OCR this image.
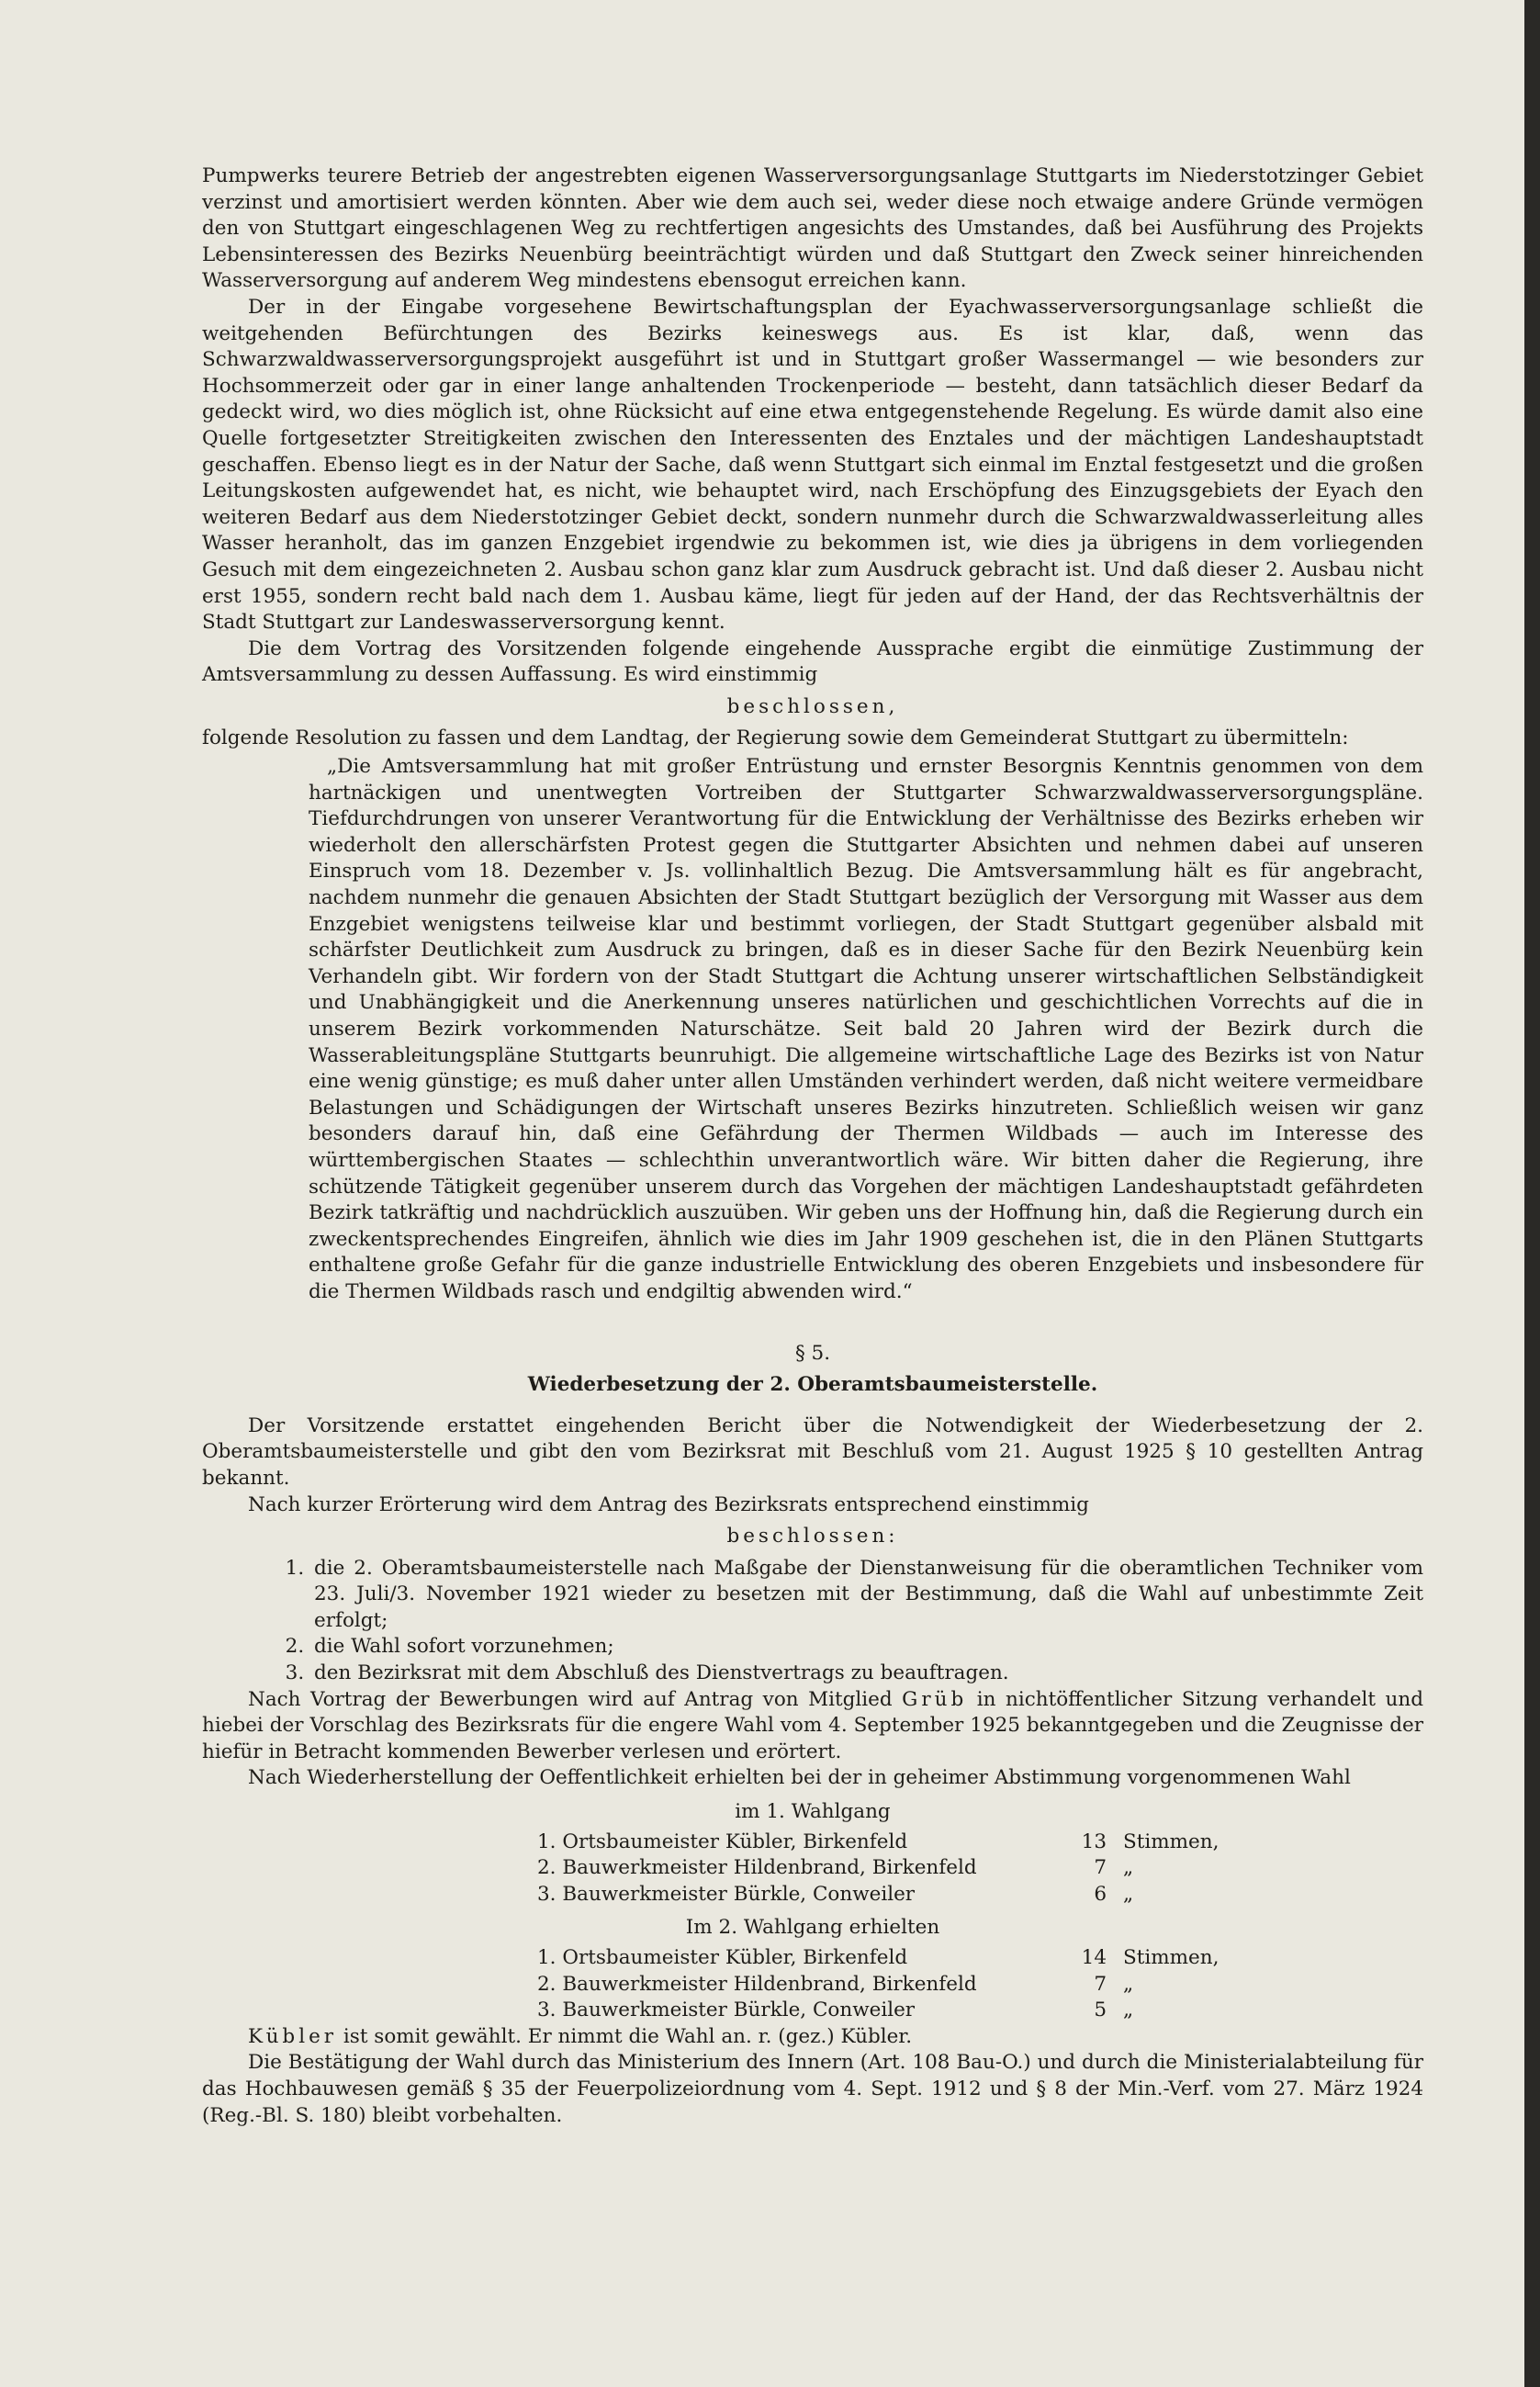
Pumpwerks teurere Betrieb der angestrebten eigenen Wasserversorgungsanlage Stuttgarts im Niederstotzinger Gebiet verzinst und amortisiert werden könnten. Aber wie dem auch sei, weder diese noch etwaige andere Gründe vermögen den von Stuttgart eingeschlagenen Weg zu rechtfertigen angesichts des Umstandes, daß bei Ausführung des Projekts Lebensinteressen des Bezirks Neuenbürg beeinträchtigt würden und daß Stuttgart den Zweck seiner hinreichenden Wasserversorgung auf anderem Weg mindestens ebensogut erreichen kann.

Der in der Eingabe vorgesehene Bewirtschaftungsplan der Eyachwasserversorgungsanlage schließt die weitgehenden Befürchtungen des Bezirks keineswegs aus. Es ist klar, daß, wenn das Schwarzwaldwasserversorgungsprojekt ausgeführt ist und in Stuttgart großer Wassermangel — wie besonders zur Hochsommerzeit oder gar in einer lange anhaltenden Trockenperiode — besteht, dann tatsächlich dieser Bedarf da gedeckt wird, wo dies möglich ist, ohne Rücksicht auf eine etwa entgegenstehende Regelung. Es würde damit also eine Quelle fortgesetzter Streitigkeiten zwischen den Interessenten des Enztales und der mächtigen Landeshauptstadt geschaffen. Ebenso liegt es in der Natur der Sache, daß wenn Stuttgart sich einmal im Enztal festgesetzt und die großen Leitungskosten aufgewendet hat, es nicht, wie behauptet wird, nach Erschöpfung des Einzugsgebiets der Eyach den weiteren Bedarf aus dem Niederstotzinger Gebiet deckt, sondern nunmehr durch die Schwarzwaldwasserleitung alles Wasser heranholt, das im ganzen Enzgebiet irgendwie zu bekommen ist, wie dies ja übrigens in dem vorliegenden Gesuch mit dem eingezeichneten 2. Ausbau schon ganz klar zum Ausdruck gebracht ist. Und daß dieser 2. Ausbau nicht erst 1955, sondern recht bald nach dem 1. Ausbau käme, liegt für jeden auf der Hand, der das Rechtsverhältnis der Stadt Stuttgart zur Landeswasserversorgung kennt.

Die dem Vortrag des Vorsitzenden folgende eingehende Aussprache ergibt die einmütige Zustimmung der Amtsversammlung zu dessen Auffassung. Es wird einstimmig

beschlossen,

folgende Resolution zu fassen und dem Landtag, der Regierung sowie dem Gemeinderat Stuttgart zu übermitteln:

„Die Amtsversammlung hat mit großer Entrüstung und ernster Besorgnis Kenntnis genommen von dem hartnäckigen und unentwegten Vortreiben der Stuttgarter Schwarzwaldwasserversorgungspläne. Tiefdurchdrungen von unserer Verantwortung für die Entwicklung der Verhältnisse des Bezirks erheben wir wiederholt den allerschärfsten Protest gegen die Stuttgarter Absichten und nehmen dabei auf unseren Einspruch vom 18. Dezember v. Js. vollinhaltlich Bezug. Die Amtsversammlung hält es für angebracht, nachdem nunmehr die genauen Absichten der Stadt Stuttgart bezüglich der Versorgung mit Wasser aus dem Enzgebiet wenigstens teilweise klar und bestimmt vorliegen, der Stadt Stuttgart gegenüber alsbald mit schärfster Deutlichkeit zum Ausdruck zu bringen, daß es in dieser Sache für den Bezirk Neuenbürg kein Verhandeln gibt. Wir fordern von der Stadt Stuttgart die Achtung unserer wirtschaftlichen Selbständigkeit und Unabhängigkeit und die Anerkennung unseres natürlichen und geschichtlichen Vorrechts auf die in unserem Bezirk vorkommenden Naturschätze. Seit bald 20 Jahren wird der Bezirk durch die Wasserableitungspläne Stuttgarts beunruhigt. Die allgemeine wirtschaftliche Lage des Bezirks ist von Natur eine wenig günstige; es muß daher unter allen Umständen verhindert werden, daß nicht weitere vermeidbare Belastungen und Schädigungen der Wirtschaft unseres Bezirks hinzutreten. Schließlich weisen wir ganz besonders darauf hin, daß eine Gefährdung der Thermen Wildbads — auch im Interesse des württembergischen Staates — schlechthin unverantwortlich wäre. Wir bitten daher die Regierung, ihre schützende Tätigkeit gegenüber unserem durch das Vorgehen der mächtigen Landeshauptstadt gefährdeten Bezirk tatkräftig und nachdrücklich auszuüben. Wir geben uns der Hoffnung hin, daß die Regierung durch ein zweckentsprechendes Eingreifen, ähnlich wie dies im Jahr 1909 geschehen ist, die in den Plänen Stuttgarts enthaltene große Gefahr für die ganze industrielle Entwicklung des oberen Enzgebiets und insbesondere für die Thermen Wildbads rasch und endgiltig abwenden wird.“

§ 5.

Wiederbesetzung der 2. Oberamtsbaumeisterstelle.

Der Vorsitzende erstattet eingehenden Bericht über die Notwendigkeit der Wiederbesetzung der 2. Oberamtsbaumeisterstelle und gibt den vom Bezirksrat mit Beschluß vom 21. August 1925 § 10 gestellten Antrag bekannt.

Nach kurzer Erörterung wird dem Antrag des Bezirksrats entsprechend einstimmig

beschlossen:

1. die 2. Oberamtsbaumeisterstelle nach Maßgabe der Dienstanweisung für die oberamtlichen Techniker vom 23. Juli/3. November 1921 wieder zu besetzen mit der Bestimmung, daß die Wahl auf unbestimmte Zeit erfolgt;
2. die Wahl sofort vorzunehmen;
3. den Bezirksrat mit dem Abschluß des Dienstvertrags zu beauftragen.

Nach Vortrag der Bewerbungen wird auf Antrag von Mitglied Grüb in nichtöffentlicher Sitzung verhandelt und hiebei der Vorschlag des Bezirksrats für die engere Wahl vom 4. September 1925 bekanntgegeben und die Zeugnisse der hiefür in Betracht kommenden Bewerber verlesen und erörtert.

Nach Wiederherstellung der Oeffentlichkeit erhielten bei der in geheimer Abstimmung vorgenommenen Wahl

im 1. Wahlgang

1. Ortsbaumeister Kübler, Birkenfeld	13	Stimmen,
2. Bauwerkmeister Hildenbrand, Birkenfeld	7	„
3. Bauwerkmeister Bürkle, Conweiler	6	„

Im 2. Wahlgang erhielten

1. Ortsbaumeister Kübler, Birkenfeld	14	Stimmen,
2. Bauwerkmeister Hildenbrand, Birkenfeld	7	„
3. Bauwerkmeister Bürkle, Conweiler	5	„

Kübler ist somit gewählt. Er nimmt die Wahl an. r. (gez.) Kübler.

Die Bestätigung der Wahl durch das Ministerium des Innern (Art. 108 Bau-O.) und durch die Ministerialabteilung für das Hochbauwesen gemäß § 35 der Feuerpolizeiordnung vom 4. Sept. 1912 und § 8 der Min.-Verf. vom 27. März 1924 (Reg.-Bl. S. 180) bleibt vorbehalten.
